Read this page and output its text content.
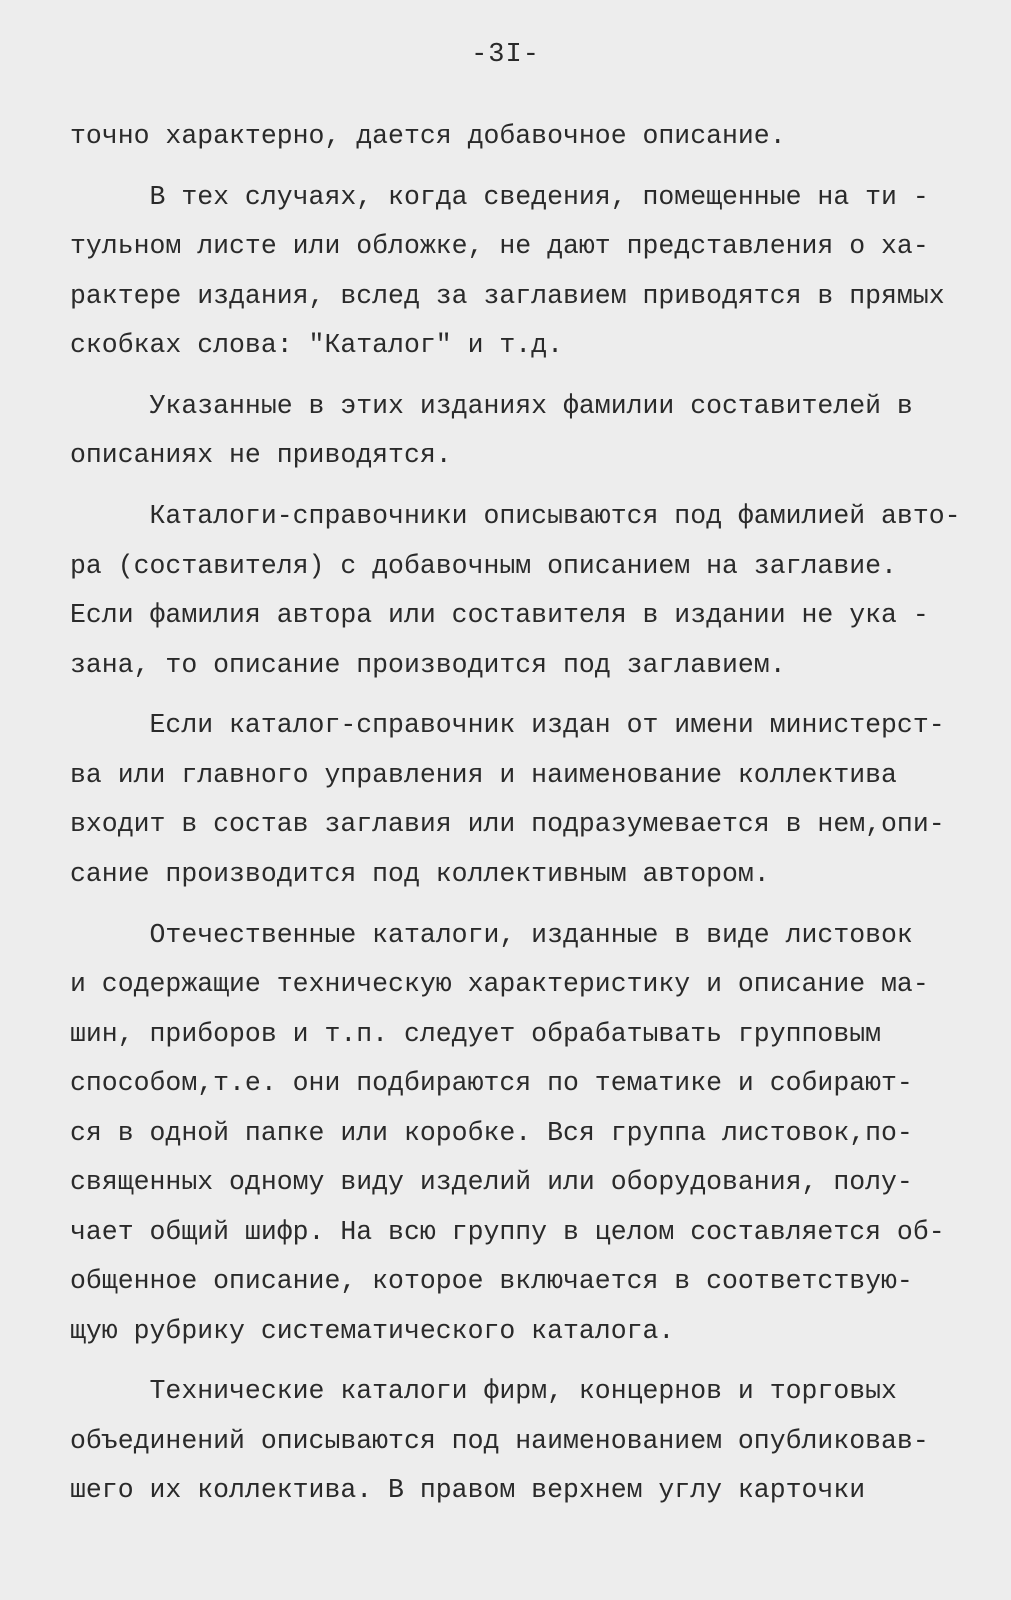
-3I-
точно характерно, дается добавочное описание.
В тех случаях, когда сведения, помещенные на ти -
тульном листе или обложке, не дают представления о ха-
рактере издания, вслед за заглавием приводятся в прямых
скобках слова: "Каталог" и т.д.
Указанные в этих изданиях фамилии составителей в
описаниях не приводятся.
Каталоги-справочники описываются под фамилией авто-
ра (составителя) с добавочным описанием на заглавие.
Если фамилия автора или составителя в издании не ука -
зана, то описание производится под заглавием.
Если каталог-справочник издан от имени министерст-
ва или главного управления и наименование коллектива
входит в состав заглавия или подразумевается в нем,опи-
сание производится под коллективным автором.
Отечественные каталоги, изданные в виде листовок
и содержащие техническую характеристику и описание ма-
шин, приборов и т.п. следует обрабатывать групповым
способом,т.е. они подбираются по тематике и собирают-
ся в одной папке или коробке. Вся группа листовок,по-
священных одному виду изделий или оборудования, полу-
чает общий шифр. На всю группу в целом составляется об-
общенное описание, которое включается в соответствую-
щую рубрику систематического каталога.
Технические каталоги фирм, концернов и торговых
объединений описываются под наименованием опубликовав-
шего их коллектива. В правом верхнем углу карточки
